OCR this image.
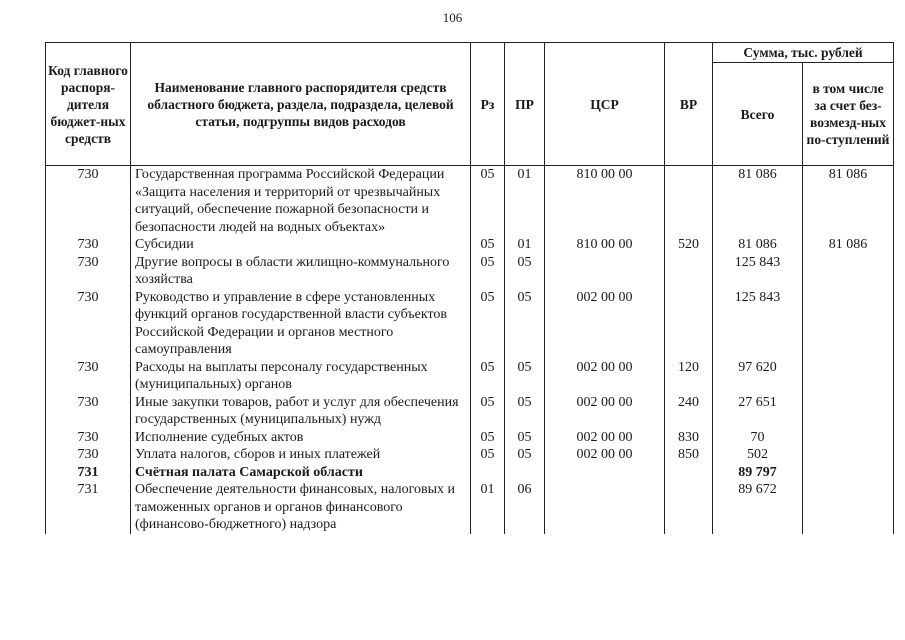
106
Код главного распоря-дителя бюджет-ных средств	Наименование главного распорядителя средств областного бюджета, раздела, подраздела, целевой статьи, подгруппы видов расходов	Рз	ПР	ЦСР	ВР	Сумма, тыс. рублей	
						Всего	в том числе за счет без-возмезд-ных по-ступлений
730	Государственная программа Российской Федерации «Защита населения и территорий от чрезвычайных ситуаций, обеспечение пожарной безопасности и безопасности людей на водных объектах»	05	01	810 00 00		81 086	81 086
730	Субсидии	05	01	810 00 00	520	81 086	81 086
730	Другие вопросы в области жилищно-коммунального хозяйства	05	05			125 843	
730	Руководство и управление в сфере установленных функций органов государственной власти субъектов Российской Федерации и органов местного самоуправления	05	05	002 00 00		125 843	
730	Расходы на выплаты персоналу государственных (муниципальных) органов	05	05	002 00 00	120	97 620	
730	Иные закупки товаров, работ и услуг для обеспечения государственных (муниципальных) нужд	05	05	002 00 00	240	27 651	
730	Исполнение судебных актов	05	05	002 00 00	830	70	
730	Уплата налогов, сборов и иных платежей	05	05	002 00 00	850	502	
731	Счётная палата Самарской области					89 797	
731	Обеспечение деятельности финансовых, налоговых и таможенных органов и органов финансового (финансово-бюджетного) надзора	01	06			89 672	
